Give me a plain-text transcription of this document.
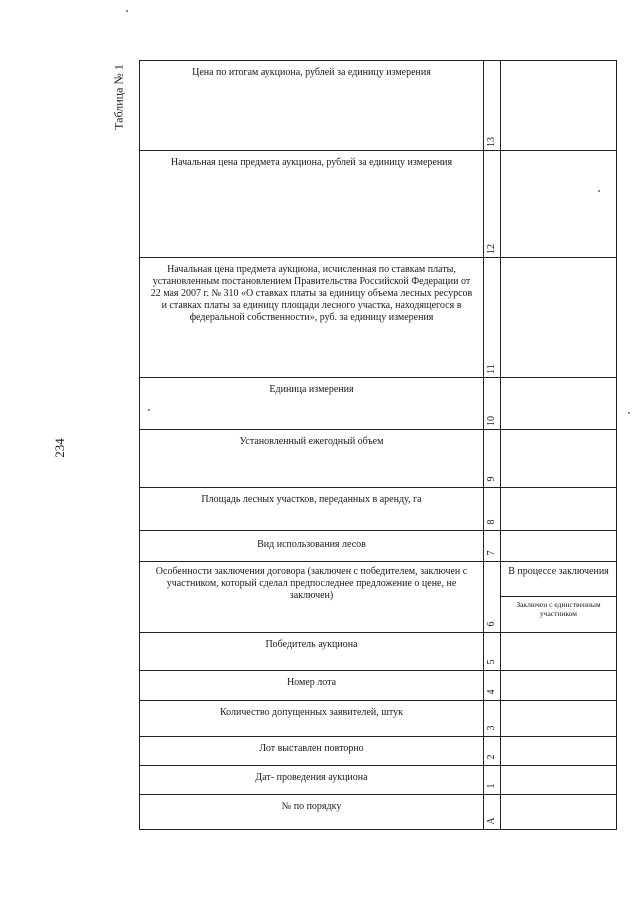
234
Таблица № 1	Цена по итогам аукциона, рублей за единицу измерения
13
Начальная цена предмета аукциона, рублей за единицу измерения
12
Начальная цена предмета аукциона, исчисленная по ставкам платы, установленным постановлением Правительства Российской Федерации от 22 мая 2007 г. № 310 «О ставках платы за единицу объема лесных ресурсов и ставках платы за единицу площади лесного участка, находящегося в федеральной собственности», руб. за единицу измерения
11
Единица измерения
10
Установленный ежегодный объем
9
Площадь лесных участков, переданных в аренду, га
8
Вид использования лесов
7
Особенности заключения договора (заключен с победителем, заключен с участником, который сделал предпоследнее предложение о цене, не заключен)
6
В процессе заключения
Заключен с единственным участником
Победитель аукциона
5
Номер лота
4
Количество допущенных заявителей, штук
3
Лот выставлен повторно
2
Дат- проведения аукциона
1
№ по порядку
А
